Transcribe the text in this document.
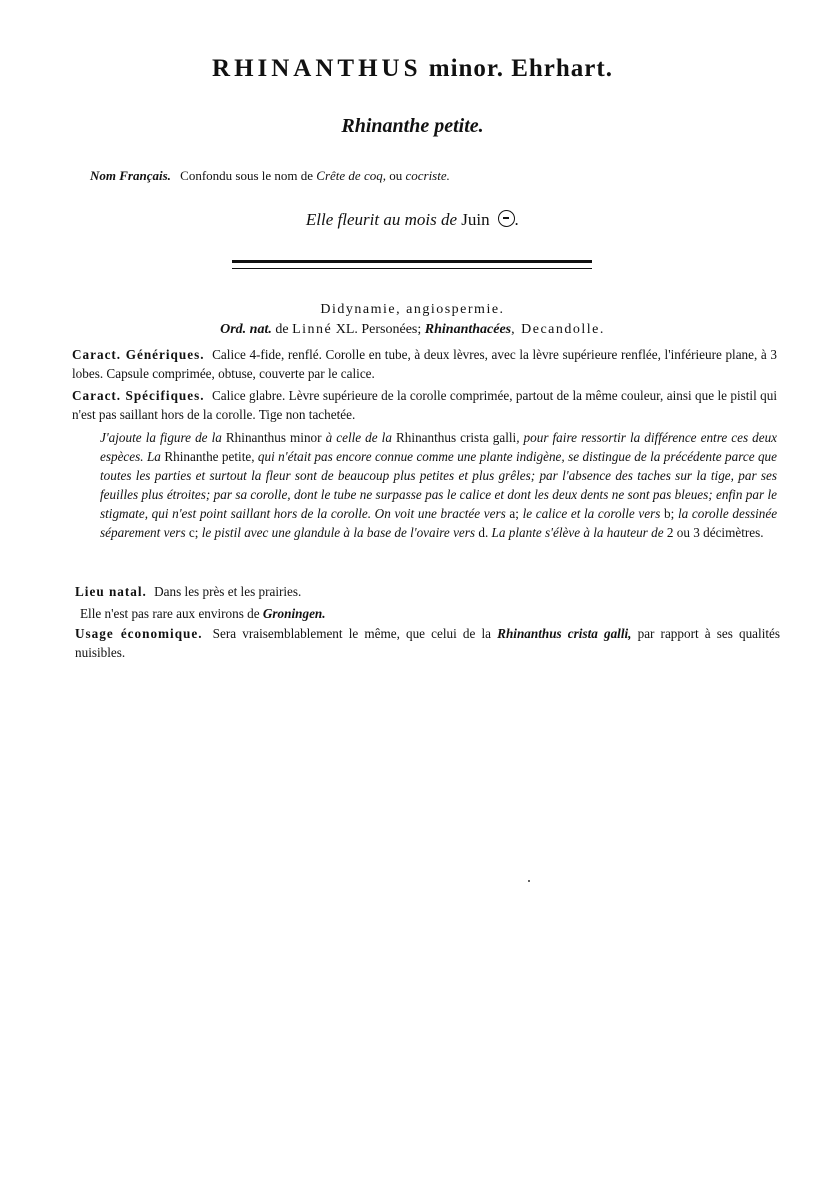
RHINANTHUS minor. Ehrhart.
Rhinanthe petite.
Nom Français. Confondu sous le nom de Crête de coq, ou cocriste.
Elle fleurit au mois de Juin .
Didynamie, angiospermie.
Ord. nat. de Linné XL. Personées; Rhinanthacées, Decandolle.
Caract. Génériques. Calice 4-fide, renflé. Corolle en tube, à deux lèvres, avec la lèvre supérieure renflée, l'inférieure plane, à 3 lobes. Capsule comprimée, obtuse, couverte par le calice.
Caract. Spécifiques. Calice glabre. Lèvre supérieure de la corolle comprimée, partout de la même couleur, ainsi que le pistil qui n'est pas saillant hors de la corolle. Tige non tachetée.
J'ajoute la figure de la Rhinanthus minor à celle de la Rhinanthus crista galli, pour faire ressortir la différence entre ces deux espèces. La Rhinanthe petite, qui n'était pas encore connue comme une plante indigène, se distingue de la précédente parce que toutes les parties et surtout la fleur sont de beaucoup plus petites et plus grêles; par l'absence des taches sur la tige, par ses feuilles plus étroites; par sa corolle, dont le tube ne surpasse pas le calice et dont les deux dents ne sont pas bleues; enfin par le stigmate, qui n'est point saillant hors de la corolle. On voit une bractée vers a; le calice et la corolle vers b; la corolle dessinée séparement vers c; le pistil avec une glandule à la base de l'ovaire vers d. La plante s'élève à la hauteur de 2 ou 3 décimètres.
Lieu natal. Dans les près et les prairies.
Elle n'est pas rare aux environs de Groningen.
Usage économique. Sera vraisemblablement le même, que celui de la Rhinanthus crista galli, par rapport à ses qualités nuisibles.
